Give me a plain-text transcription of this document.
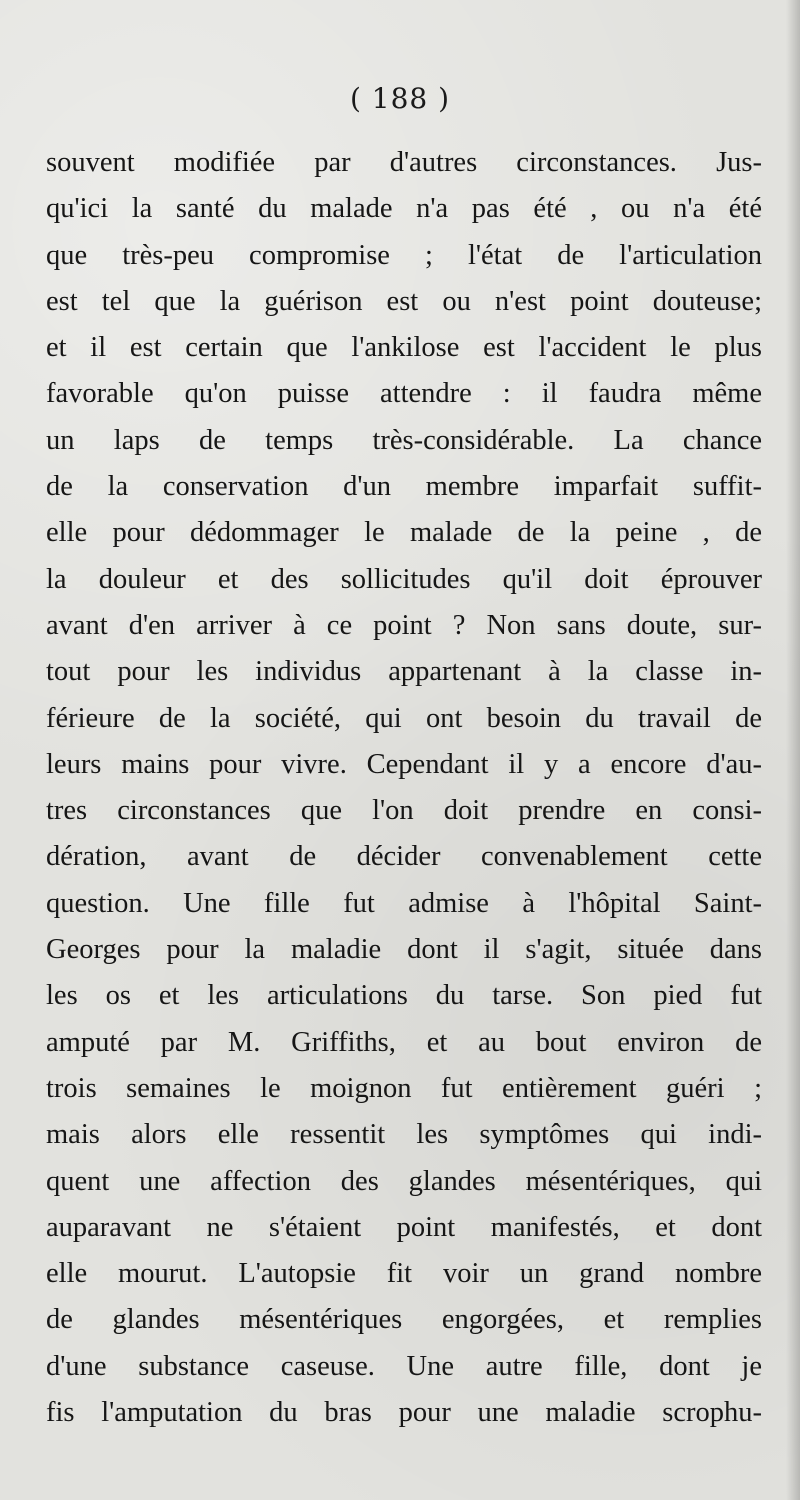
( 188 )
souvent modifiée par d'autres circonstances. Jus-
qu'ici la santé du malade n'a pas été , ou n'a été
que très-peu compromise ; l'état de l'articulation
est tel que la guérison est ou n'est point douteuse;
et il est certain que l'ankilose est l'accident le plus
favorable qu'on puisse attendre : il faudra même
un laps de temps très-considérable. La chance
de la conservation d'un membre imparfait suffit-
elle pour dédommager le malade de la peine , de
la douleur et des sollicitudes qu'il doit éprouver
avant d'en arriver à ce point ? Non sans doute, sur-
tout pour les individus appartenant à la classe in-
férieure de la société, qui ont besoin du travail de
leurs mains pour vivre. Cependant il y a encore d'au-
tres circonstances que l'on doit prendre en consi-
dération, avant de décider convenablement cette
question. Une fille fut admise à l'hôpital Saint-
Georges pour la maladie dont il s'agit, située dans
les os et les articulations du tarse. Son pied fut
amputé par M. Griffiths, et au bout environ de
trois semaines le moignon fut entièrement guéri ;
mais alors elle ressentit les symptômes qui indi-
quent une affection des glandes mésentériques, qui
auparavant ne s'étaient point manifestés, et dont
elle mourut. L'autopsie fit voir un grand nombre
de glandes mésentériques engorgées, et remplies
d'une substance caseuse. Une autre fille, dont je
fis l'amputation du bras pour une maladie scrophu-
